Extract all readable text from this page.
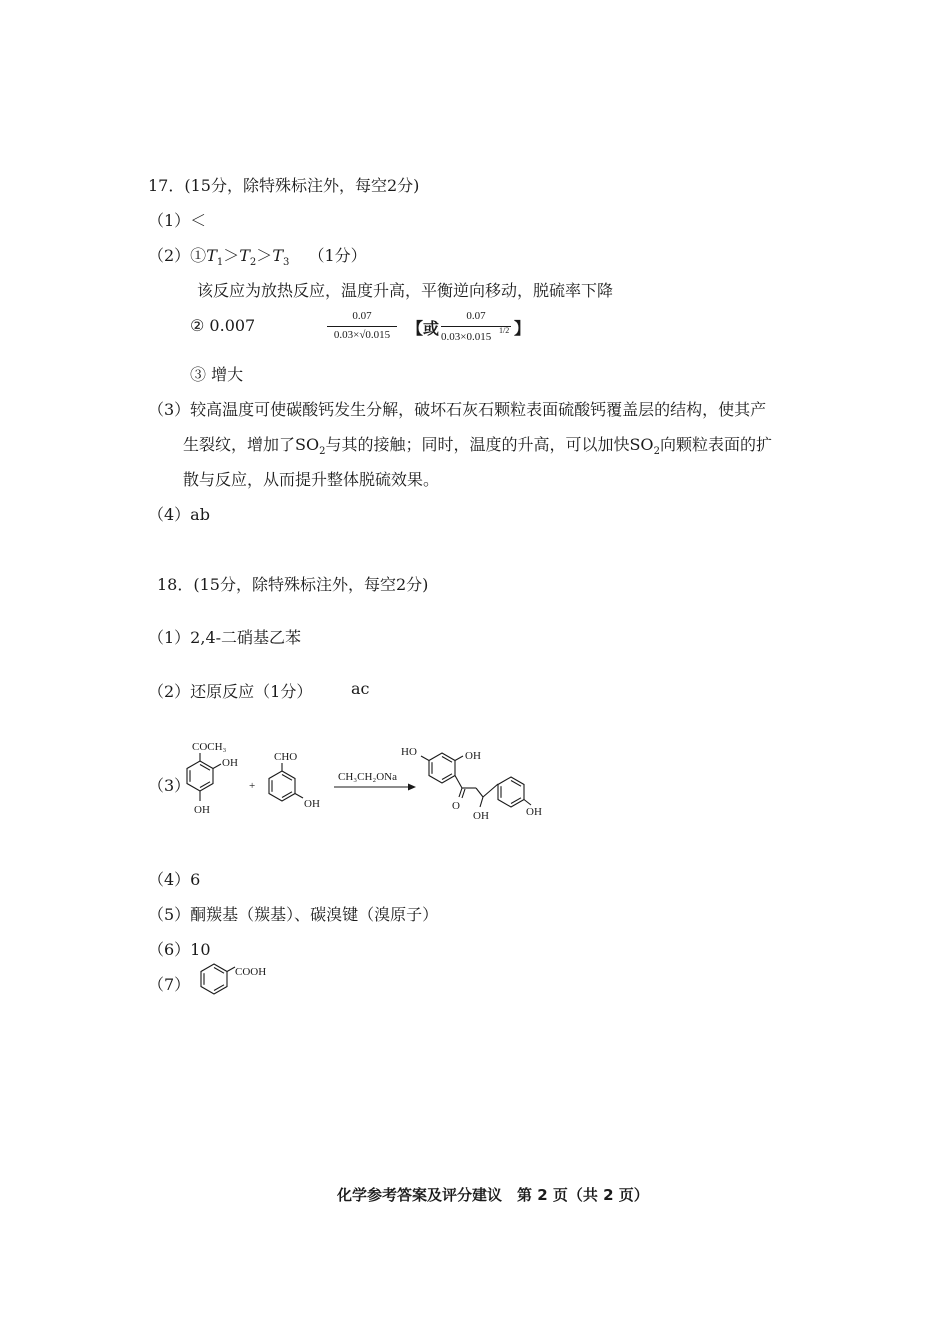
17．(15分，除特殊标注外，每空2分)
（1）＜
$(2)①T_1>T_2>T_3$ （1分）
该反应为放热反应，温度升高，平衡逆向移动，脱硫率下降
② 0.007	0.07
0.03×√0.015	【或
0.07
0.03×0.015
1/2 】
③ 增大
（3）较高温度可使碳酸钙发生分解，破坏石灰石颗粒表面硫酸钙覆盖层的结构，使其产
生裂纹，增加了$SO_2$与其的接触；同时，温度的升高，可以加快$SO_2$向颗粒表面的扩
散与反应，从而提升整体脱硫效果。
（4）ab
18．(15分，除特殊标注外，每空2分)
（1）2,4-二硝基乙苯
（2）还原反应（1分） ac
（3）
COCH₃
OH
OH
+
CHO
OH
CH₃CH₂ONa
HO	OH
O
OH	OH
（4）6
（5）酮羰基（羰基）、碳溴键（溴原子）
（6）10
（7）
COOH
化学参考答案及评分建议　第 2 页（共 2 页）
